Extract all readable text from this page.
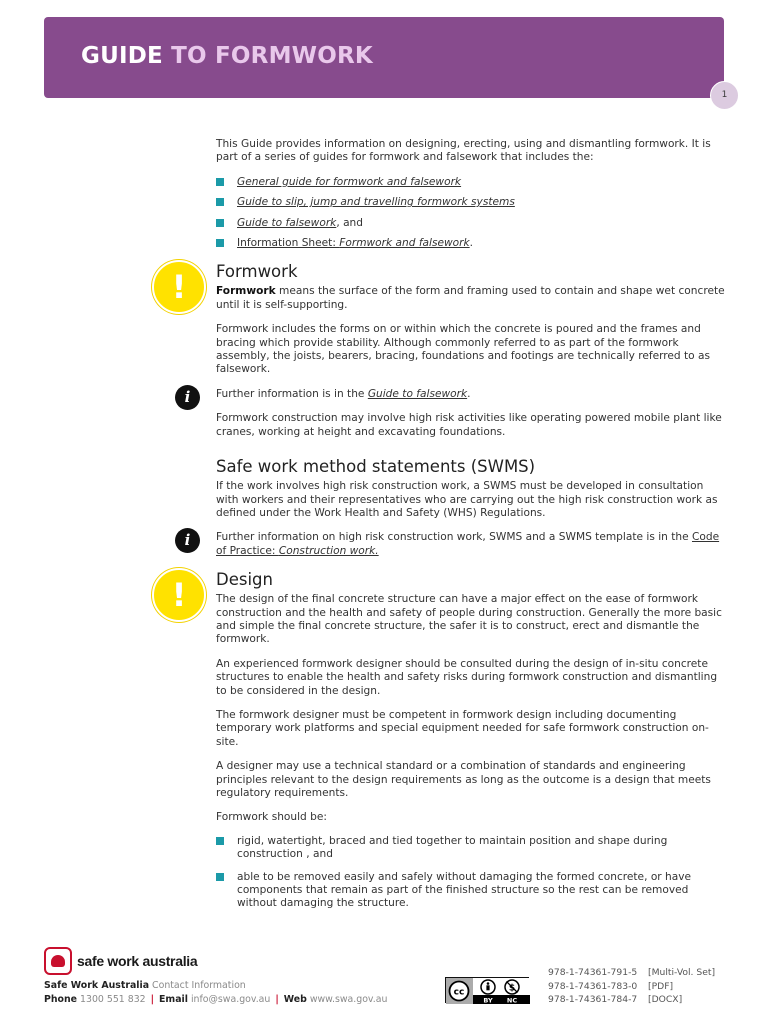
GUIDE TO FORMWORK
1

This Guide provides information on designing, erecting, using and dismantling formwork. It is part of a series of guides for formwork and falsework that includes the:

General guide for formwork and falsework
Guide to slip, jump and travelling formwork systems
Guide to falsework, and
Information Sheet: Formwork and falsework.
!	Formwork

Formwork means the surface of the form and framing used to contain and shape wet concrete until it is self-supporting.

Formwork includes the forms on or within which the concrete is poured and the frames and bracing which provide stability. Although commonly referred to as part of the formwork assembly, the joists, bearers, bracing, foundations and footings are technically referred to as falsework.

i	Further information is in the Guide to falsework.

Formwork construction may involve high risk activities like operating powered mobile plant like cranes, working at height and excavating foundations.

Safe work method statements (SWMS)

If the work involves high risk construction work, a SWMS must be developed in consultation with workers and their representatives who are carrying out the high risk construction work as defined under the Work Health and Safety (WHS) Regulations.

i	Further information on high risk construction work, SWMS and a SWMS template is in the Code of Practice: Construction work.

!	Design

The design of the final concrete structure can have a major effect on the ease of formwork construction and the health and safety of people during construction. Generally the more basic and simple the final concrete structure, the safer it is to construct, erect and dismantle the formwork.

An experienced formwork designer should be consulted during the design of in-situ concrete structures to enable the health and safety risks during formwork construction and dismantling to be considered in the design.

The formwork designer must be competent in formwork design including documenting temporary work platforms and special equipment needed for safe formwork construction on-site.

A designer may use a technical standard or a combination of standards and engineering principles relevant to the design requirements as long as the outcome is a design that meets regulatory requirements.

Formwork should be:

rigid, watertight, braced and tied together to maintain position and shape during construction , and
able to be removed easily and safely without damaging the formed concrete, or have components that remain as part of the finished structure so the rest can be removed without damaging the structure.
safe work australia
Safe Work Australia Contact Information
Phone 1300 551 832 | Email info@swa.gov.au | Web www.swa.gov.au
cc	$
BY NC
978-1-74361-791-5 [Multi-Vol. Set]
978-1-74361-783-0 [PDF]
978-1-74361-784-7 [DOCX]
